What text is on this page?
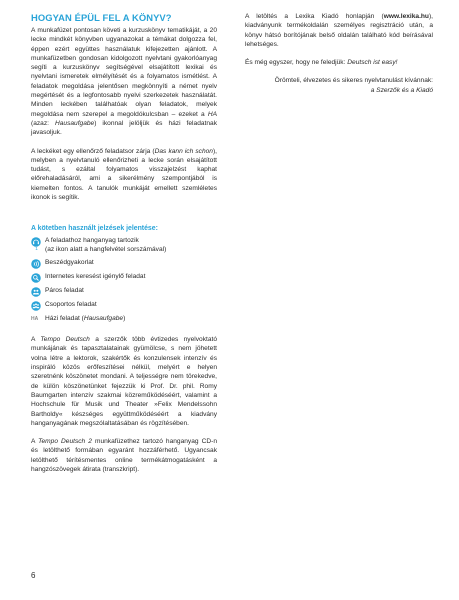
HOGYAN ÉPÜL FEL A KÖNYV?

A munkafüzet pontosan követi a kurzuskönyv tematikáját, a 20 lecke mindkét könyvben ugyanazokat a témákat dolgozza fel, éppen ezért együttes használatuk kifejezetten ajánlott. A munkafüzetben gondosan kidolgozott nyelvtani gyakorlóanyag segíti a kurzuskönyv segítségével elsajátított lexikai és nyelvtani ismeretek elmélyítését és a folyamatos ismétlést. A feladatok megoldása jelentősen megkönnyíti a német nyelv megértését és a legfontosabb nyelvi szerkezetek használatát. Minden leckében találhatóak olyan feladatok, melyek megoldása nem szerepel a megoldókulcsban – ezeket a HA (azaz: Hausaufgabe) ikonnal jelöljük és házi feladatnak javasoljuk.

A leckéket egy ellenőrző feladatsor zárja (Das kann ich schon), melyben a nyelvtanuló ellenőrizheti a lecke során elsajátított tudást, s ezáltal folyamatos visszajelzést kaphat előrehaladásáról, ami a sikerélmény szempontjából is kiemelten fontos. A tanulók munkáját emellett szemléletes ikonok is segítik.

A kötetben használt jelzések jelentése:
1
A feladathoz hanganyag tartozik
(az ikon alatt a hangfelvétel sorszámával)
Beszédgyakorlat
Internetes keresést igénylő feladat
Páros feladat
Csoportos feladat
HA	Házi feladat (Hausaufgabe)

A Tempo Deutsch a szerzők több évtizedes nyelvoktató munkájának és tapasztalatainak gyümölcse, s nem jöhetett volna létre a lektorok, szakértők és konzulensek intenzív és inspiráló közös erőfeszítései nélkül, melyért e helyen szeretnénk köszönetet mondani. A teljességre nem törekedve, de külön köszönetünket fejezzük ki Prof. Dr. phil. Romy Baumgarten intenzív szakmai közreműködéséért, valamint a Hochschule für Musik und Theater »Felix Mendelssohn Bartholdy« készséges együttműködéséért a kiadvány hanganyagának megszólaltatásában és rögzítésében.

A Tempo Deutsch 2 munkafüzethez tartozó hanganyag CD-n és letölthető formában egyaránt hozzáférhető. Ugyancsak letölthető térítésmentes online termékátmogatásként a hangzószövegek átirata (transzkript).

A letöltés a Lexika Kiadó honlapján (www.lexika.hu), kiadványunk termékoldalán személyes regisztráció után, a könyv hátsó borítójának belső oldalán található kód beírásával lehetséges.

És még egyszer, hogy ne feledjük: Deutsch ist easy!

Örömteli, élvezetes és sikeres nyelvtanulást kívánnak:
a Szerzők és a Kiadó
6
